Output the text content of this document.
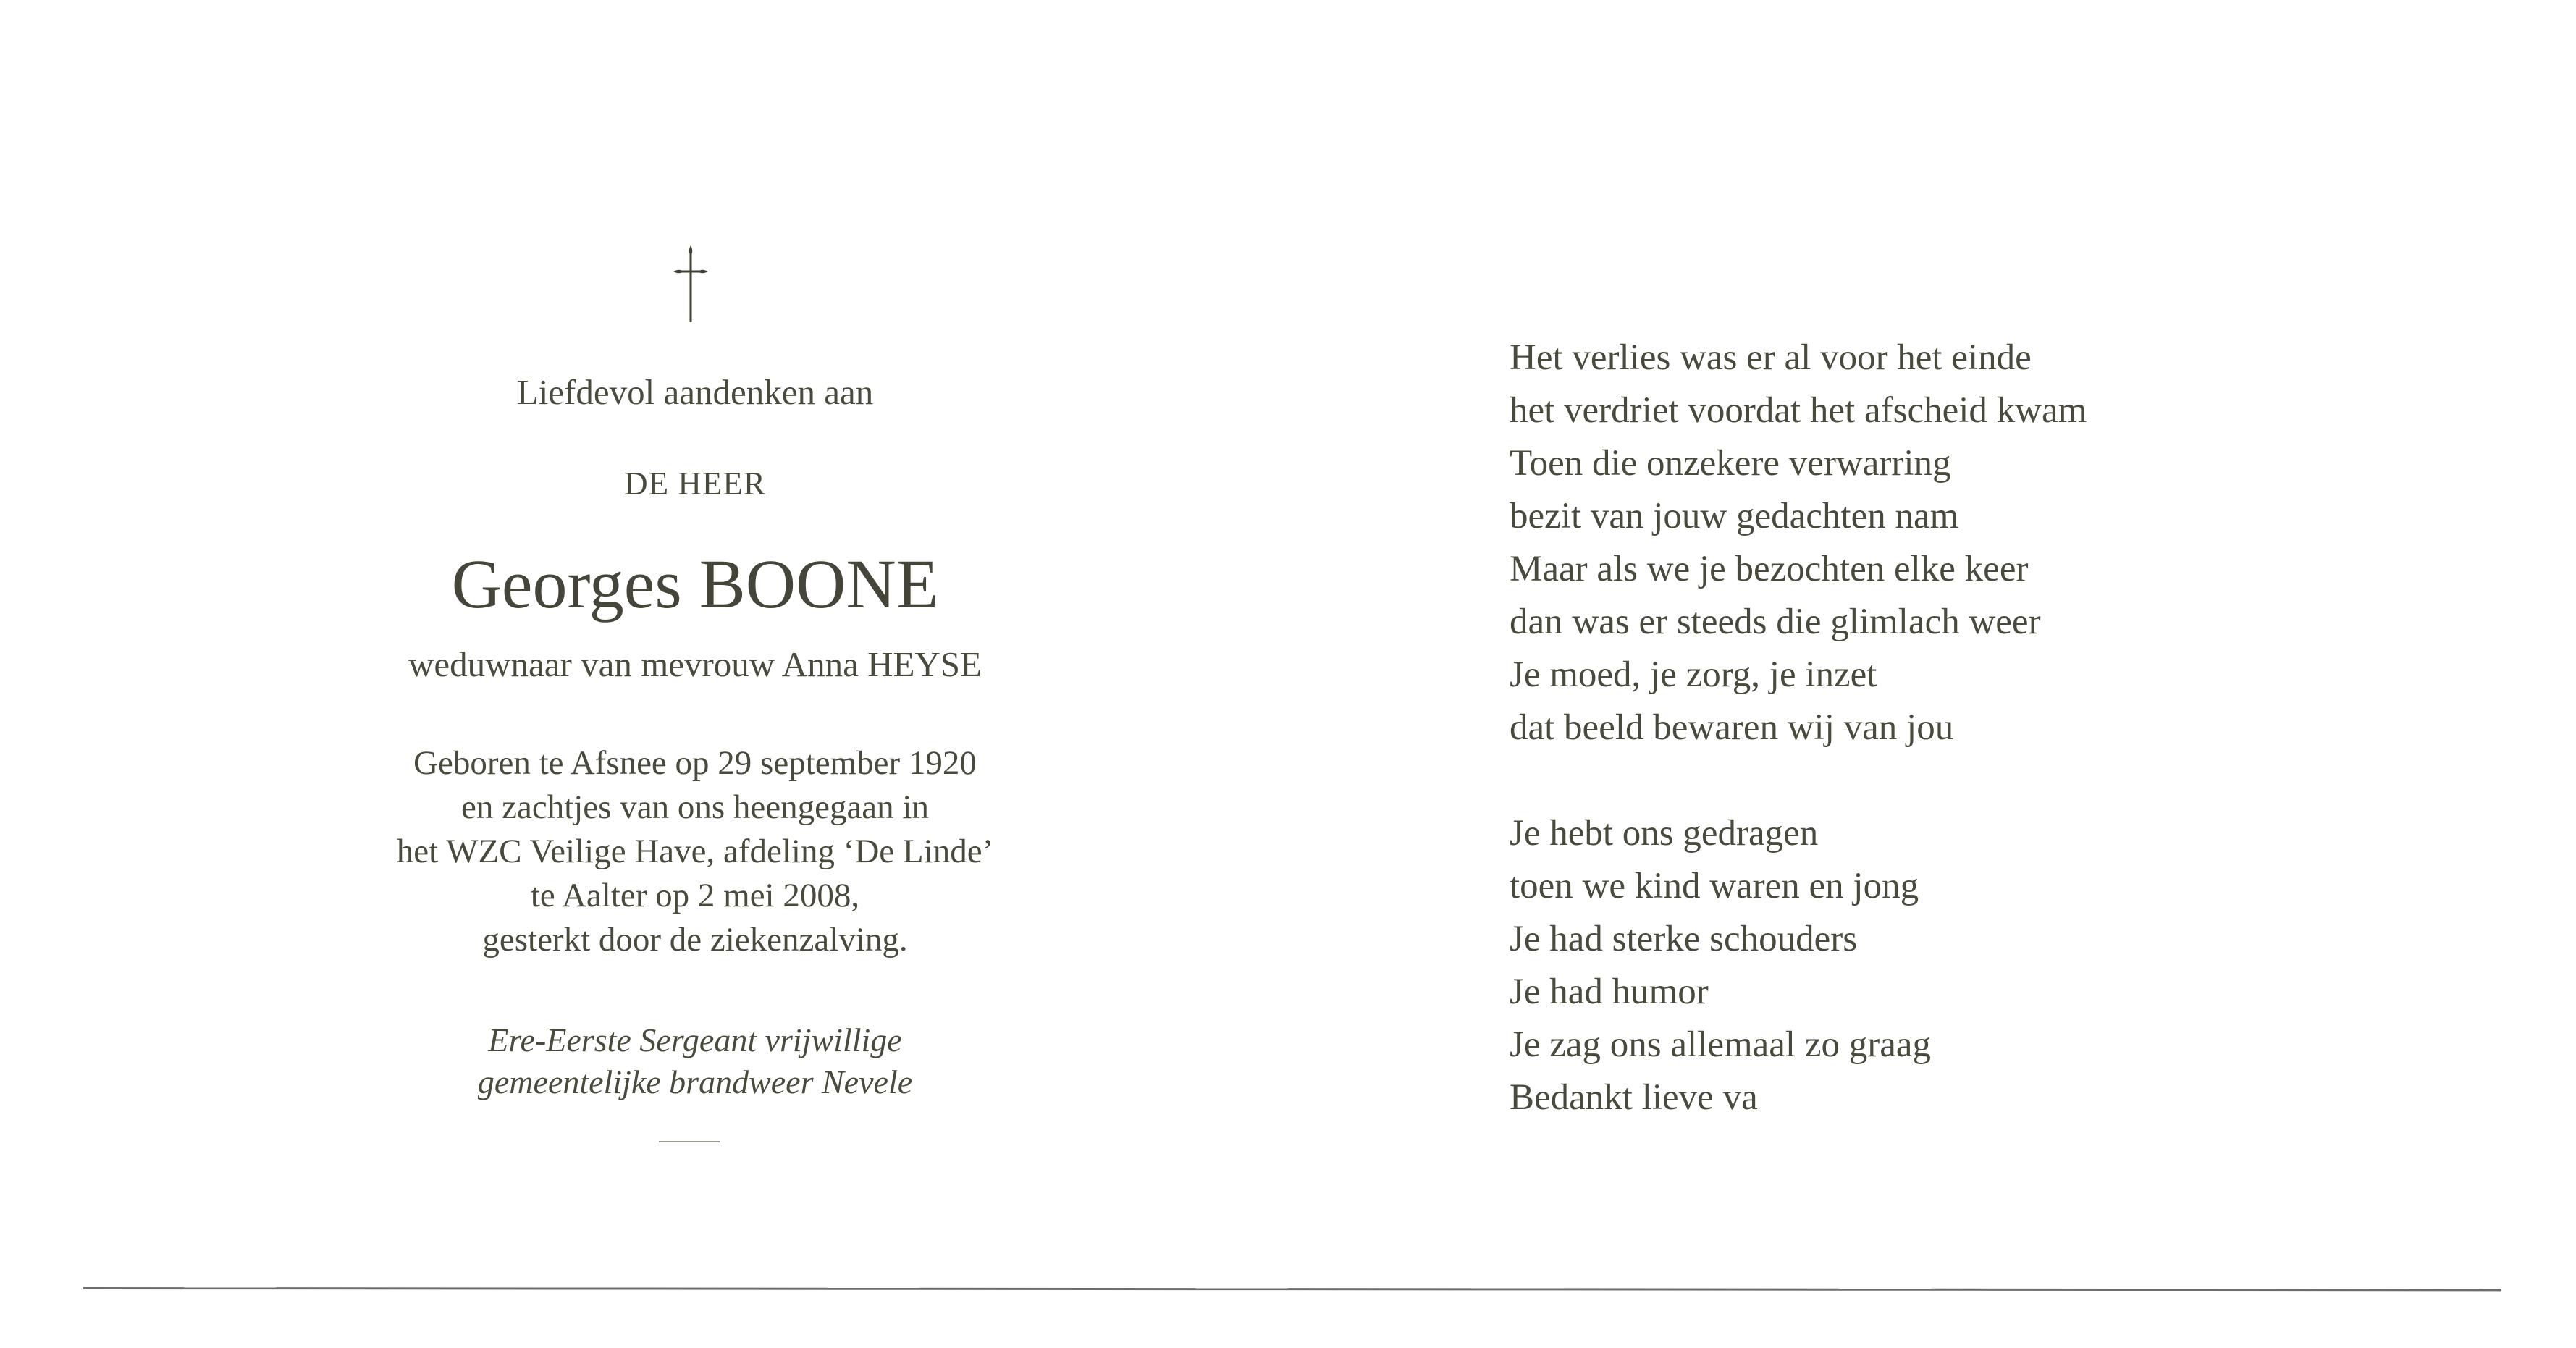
Liefdevol aandenken aan
DE HEER
Georges BOONE
weduwnaar van mevrouw Anna HEYSE
Geboren te Afsnee op 29 september 1920
en zachtjes van ons heengegaan in
het WZC Veilige Have, afdeling ‘De Linde’
te Aalter op 2 mei 2008,
gesterkt door de ziekenzalving.
Ere-Eerste Sergeant vrijwillige
gemeentelijke brandweer Nevele
Het verlies was er al voor het einde
het verdriet voordat het afscheid kwam
Toen die onzekere verwarring
bezit van jouw gedachten nam
Maar als we je bezochten elke keer
dan was er steeds die glimlach weer
Je moed, je zorg, je inzet
dat beeld bewaren wij van jou
Je hebt ons gedragen
toen we kind waren en jong
Je had sterke schouders
Je had humor
Je zag ons allemaal zo graag
Bedankt lieve va
